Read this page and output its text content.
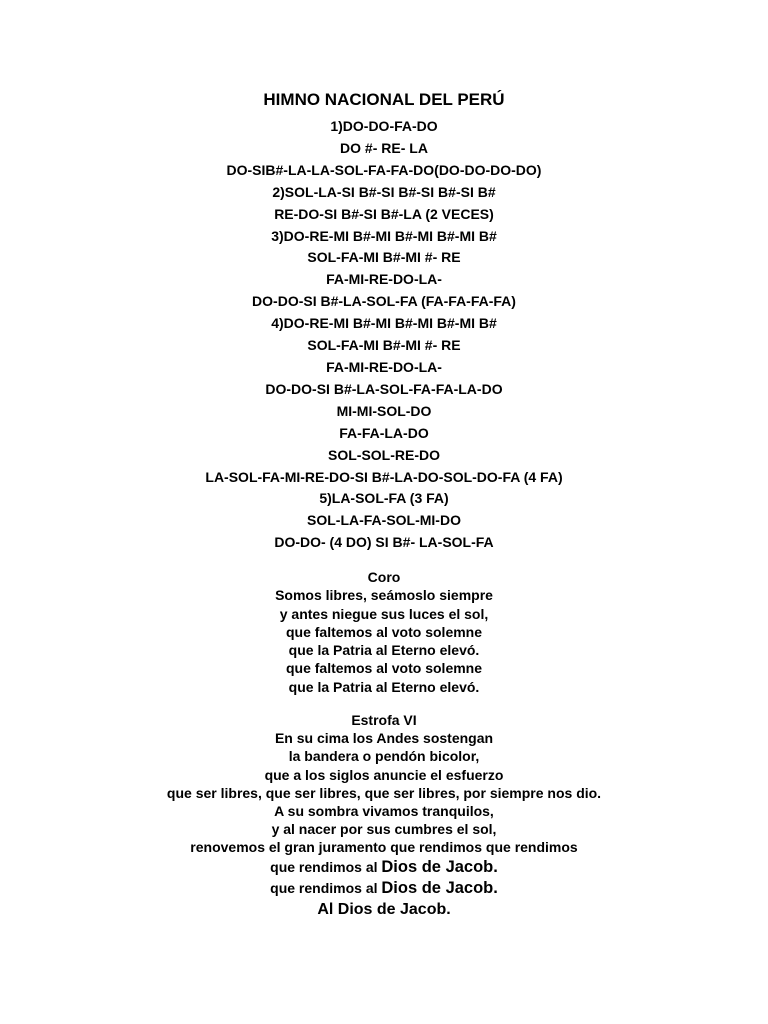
HIMNO NACIONAL DEL PERÚ
1)DO-DO-FA-DO
DO #- RE- LA
DO-SIB#-LA-LA-SOL-FA-FA-DO(DO-DO-DO-DO)
2)SOL-LA-SI B#-SI B#-SI B#-SI B#
RE-DO-SI B#-SI B#-LA (2 VECES)
3)DO-RE-MI B#-MI B#-MI B#-MI B#
SOL-FA-MI B#-MI #- RE
FA-MI-RE-DO-LA-
DO-DO-SI B#-LA-SOL-FA (FA-FA-FA-FA)
4)DO-RE-MI B#-MI B#-MI B#-MI B#
SOL-FA-MI B#-MI #- RE
FA-MI-RE-DO-LA-
DO-DO-SI B#-LA-SOL-FA-FA-LA-DO
MI-MI-SOL-DO
FA-FA-LA-DO
SOL-SOL-RE-DO
LA-SOL-FA-MI-RE-DO-SI B#-LA-DO-SOL-DO-FA (4 FA)
5)LA-SOL-FA (3 FA)
SOL-LA-FA-SOL-MI-DO
DO-DO- (4 DO) SI B#- LA-SOL-FA
Coro
Somos libres, seámoslo siempre
y antes niegue sus luces el sol,
que faltemos al voto solemne
que la Patria al Eterno elevó.
que faltemos al voto solemne
que la Patria al Eterno elevó.
Estrofa VI
En su cima los Andes sostengan
la bandera o pendón bicolor,
que a los siglos anuncie el esfuerzo
que ser libres, que ser libres, que ser libres, por siempre nos dio.
A su sombra vivamos tranquilos,
y al nacer por sus cumbres el sol,
renovemos el gran juramento que rendimos que rendimos
que rendimos al Dios de Jacob.
que rendimos al Dios de Jacob.
Al Dios de Jacob.
